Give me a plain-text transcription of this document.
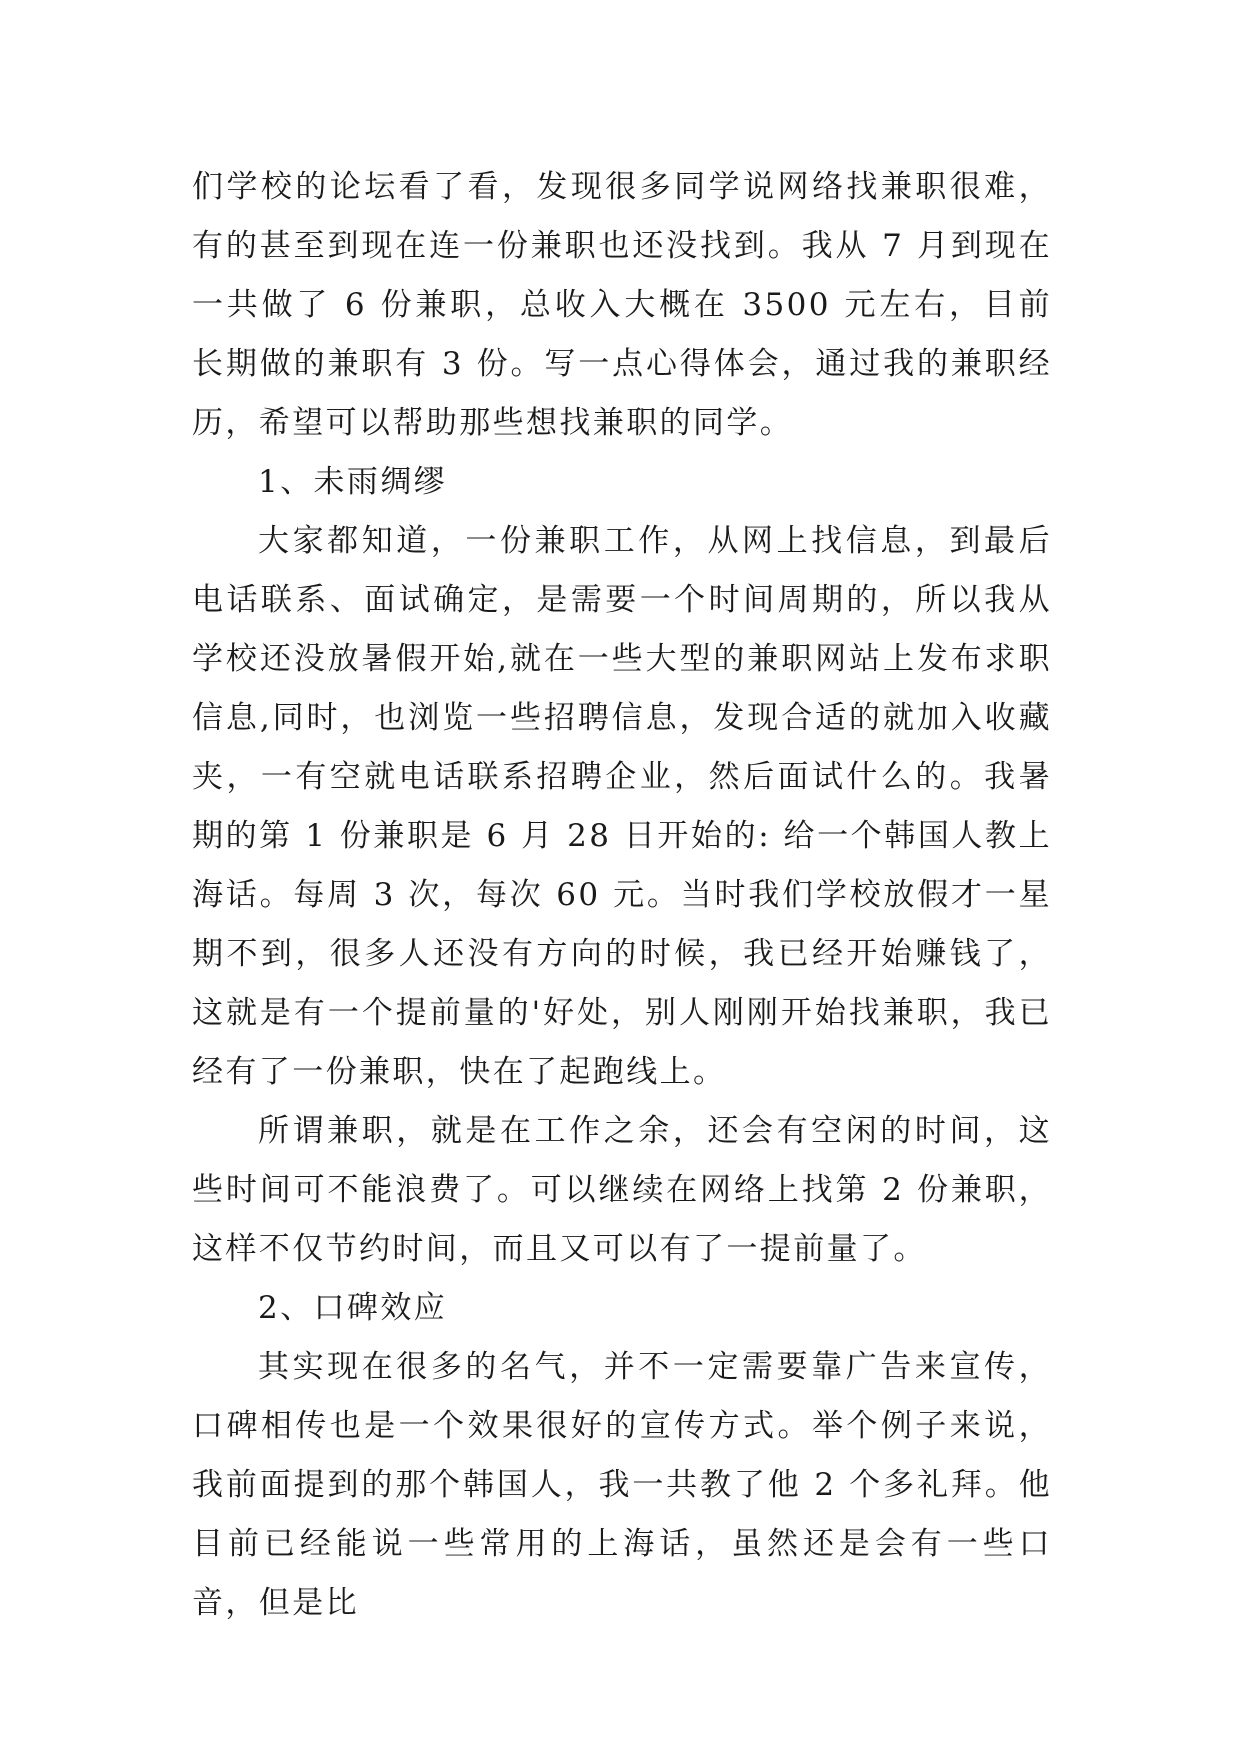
们学校的论坛看了看，发现很多同学说网络找兼职很难，有的甚至到现在连一份兼职也还没找到。我从 7 月到现在一共做了 6 份兼职，总收入大概在 3500 元左右，目前长期做的兼职有 3 份。写一点心得体会，通过我的兼职经历，希望可以帮助那些想找兼职的同学。

1、未雨绸缪

大家都知道，一份兼职工作，从网上找信息，到最后电话联系、面试确定，是需要一个时间周期的，所以我从学校还没放暑假开始,就在一些大型的兼职网站上发布求职信息,同时，也浏览一些招聘信息，发现合适的就加入收藏夹，一有空就电话联系招聘企业，然后面试什么的。我暑期的第 1 份兼职是 6 月 28 日开始的: 给一个韩国人教上海话。每周 3 次，每次 60 元。当时我们学校放假才一星期不到，很多人还没有方向的时候，我已经开始赚钱了，这就是有一个提前量的'好处，别人刚刚开始找兼职，我已经有了一份兼职，快在了起跑线上。

所谓兼职，就是在工作之余，还会有空闲的时间，这些时间可不能浪费了。可以继续在网络上找第 2 份兼职，这样不仅节约时间，而且又可以有了一提前量了。

2、口碑效应

其实现在很多的名气，并不一定需要靠广告来宣传，口碑相传也是一个效果很好的宣传方式。举个例子来说，我前面提到的那个韩国人，我一共教了他 2 个多礼拜。他目前已经能说一些常用的上海话，虽然还是会有一些口音，但是比
